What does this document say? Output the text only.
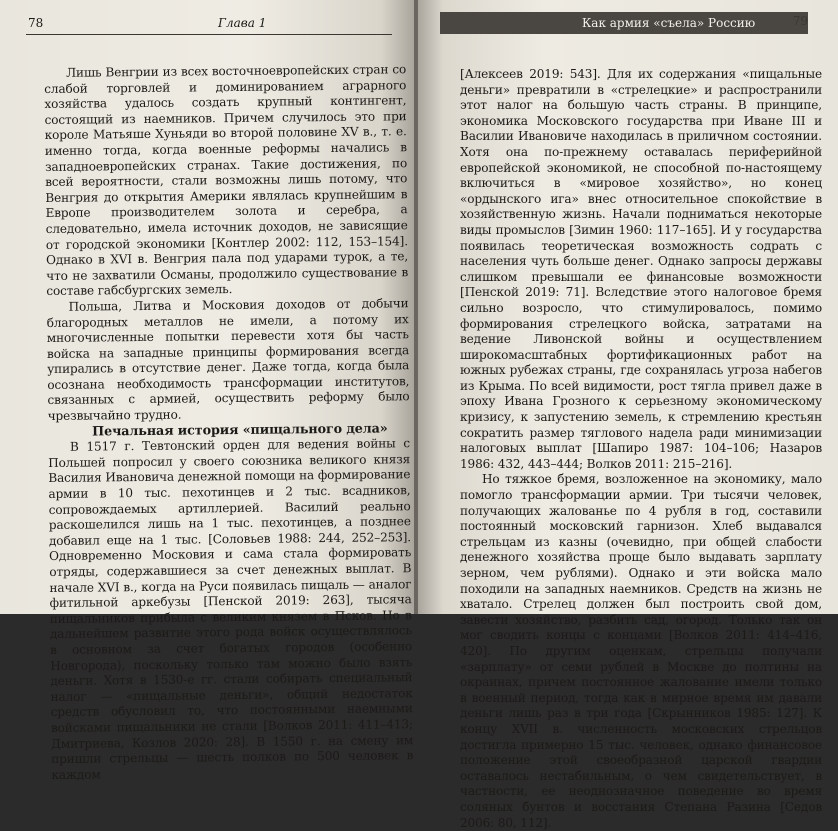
78	Глава 1

Лишь Венгрии из всех восточноевропейских стран со слабой торговлей и доминированием аграрного хозяйства удалось создать крупный контингент, состоящий из наемников. Причем случилось это при короле Матьяше Хуньяди во второй половине XV в., т. е. именно тогда, когда военные реформы начались в западноевропейских странах. Такие достижения, по всей вероятности, стали возможны лишь потому, что Венгрия до открытия Америки являлась крупнейшим в Европе производителем золота и серебра, а следовательно, имела источник доходов, не зависящие от городской экономики [Контлер 2002: 112, 153–154]. Однако в XVI в. Венгрия пала под ударами турок, а те, что не захватили Османы, продолжило существование в составе габсбургских земель.

Польша, Литва и Московия доходов от добычи благородных металлов не имели, а потому их многочисленные попытки перевести хотя бы часть войска на западные принципы формирования всегда упирались в отсутствие денег. Даже тогда, когда была осознана необходимость трансформации институтов, связанных с армией, осуществить реформу было чрезвычайно трудно.

Печальная история «пищального дела»

В 1517 г. Тевтонский орден для ведения войны с Польшей попросил у своего союзника великого князя Василия Ивановича денежной помощи на формирование армии в 10 тыс. пехотинцев и 2 тыс. всадников, сопровождаемых артиллерией. Василий реально раскошелился лишь на 1 тыс. пехотинцев, а позднее добавил еще на 1 тыс. [Соловьев 1988: 244, 252–253]. Одновременно Московия и сама стала формировать отряды, содержавшиеся за счет денежных выплат. В начале XVI в., когда на Руси появилась пищаль — аналог фитильной аркебузы [Пенской 2019: 263], тысяча пищальников прибыла с великим князем в Псков. Но в дальнейшем развитие этого рода войск осуществлялось в основном за счет богатых городов (особенно Новгорода), поскольку только там можно было взять деньги. Хотя в 1530-е гг. стали собирать специальный налог — «пищальные деньги», общий недостаток средств обусловил то, что постоянными наемными войсками пищальники не стали [Волков 2011: 411–413; Дмитриева, Козлов 2020: 28]. В 1550 г. на смену им пришли стрельцы — шесть полков по 500 человек в каждом

Как армия «съела» Россию	79

[Алексеев 2019: 543]. Для их содержания «пищальные деньги» превратили в «стрелецкие» и распространили этот налог на большую часть страны. В принципе, экономика Московского государства при Иване III и Василии Ивановиче находилась в приличном состоянии. Хотя она по-прежнему оставалась периферийной европейской экономикой, не способной по-настоящему включиться в «мировое хозяйство», но конец «ордынского ига» внес относительное спокойствие в хозяйственную жизнь. Начали подниматься некоторые виды промыслов [Зимин 1960: 117–165]. И у государства появилась теоретическая возможность содрать с населения чуть больше денег. Однако запросы державы слишком превышали ее финансовые возможности [Пенской 2019: 71]. Вследствие этого налоговое бремя сильно возросло, что стимулировалось, помимо формирования стрелецкого войска, затратами на ведение Ливонской войны и осуществлением широкомасштабных фортификационных работ на южных рубежах страны, где сохранялась угроза набегов из Крыма. По всей видимости, рост тягла привел даже в эпоху Ивана Грозного к серьезному экономическому кризису, к запустению земель, к стремлению крестьян сократить размер тяглового надела ради минимизации налоговых выплат [Шапиро 1987: 104–106; Назаров 1986: 432, 443–444; Волков 2011: 215–216].

Но тяжкое бремя, возложенное на экономику, мало помогло трансформации армии. Три тысячи человек, получающих жалованье по 4 рубля в год, составили постоянный московский гарнизон. Хлеб выдавался стрельцам из казны (очевидно, при общей слабости денежного хозяйства проще было выдавать зарплату зерном, чем рублями). Однако и эти войска мало походили на западных наемников. Средств на жизнь не хватало. Стрелец должен был построить свой дом, завести хозяйство, разбить сад, огород. Только так он мог сводить концы с концами [Волков 2011: 414–416, 420]. По другим оценкам, стрельцы получали «зарплату» от семи рублей в Москве до полтины на окраинах, причем постоянное жалование имели только в военный период, тогда как в мирное время им давали деньги лишь раз в три года [Скрынников 1985: 127]. К концу XVII в. численность московских стрельцов достигла примерно 15 тыс. человек, однако финансовое положение этой своеобразной царской гвардии оставалось нестабильным, о чем свидетельствует, в частности, ее неоднозначное поведение во время соляных бунтов и восстания Степана Разина [Седов 2006: 80, 112].
